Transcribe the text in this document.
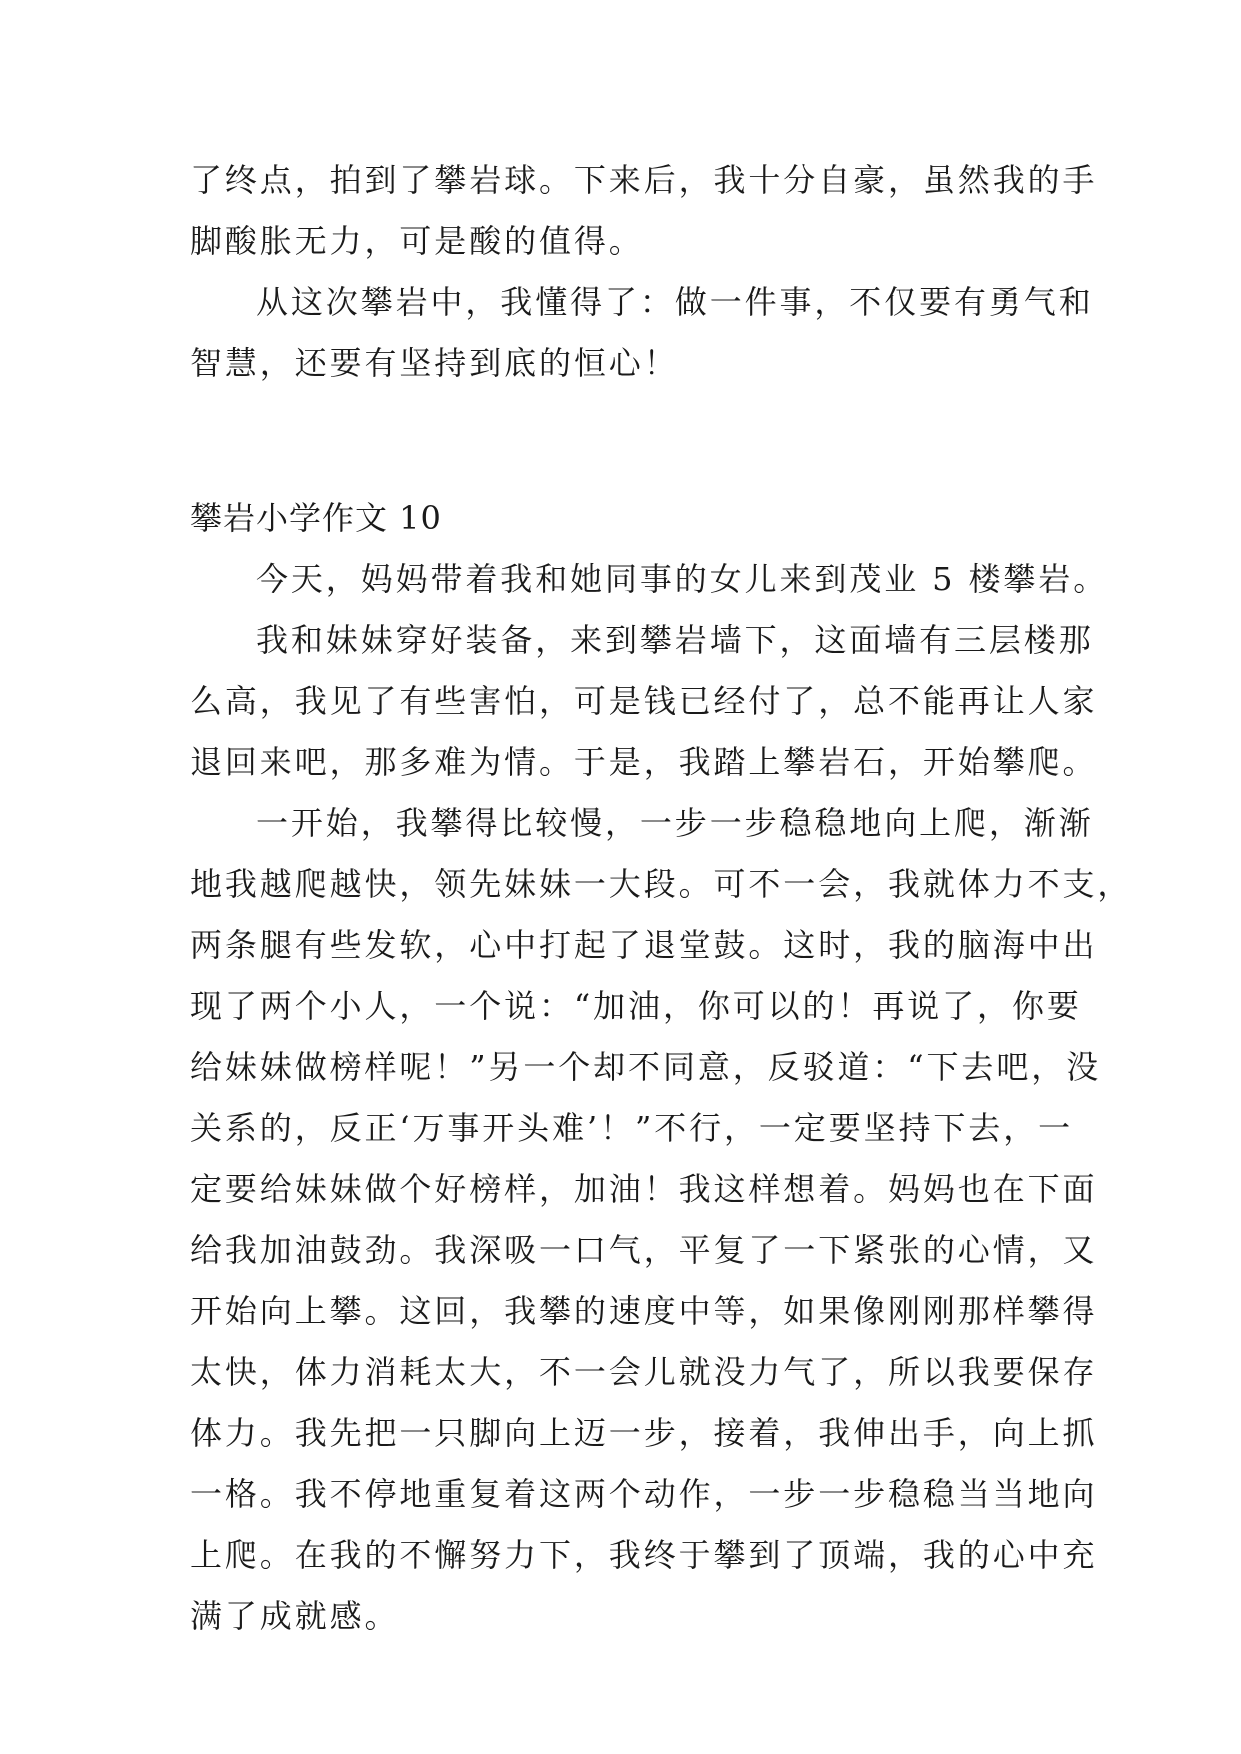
了终点，拍到了攀岩球。下来后，我十分自豪，虽然我的手
脚酸胀无力，可是酸的值得。
从这次攀岩中，我懂得了：做一件事，不仅要有勇气和
智慧，还要有坚持到底的恒心！
攀岩小学作文 10
今天，妈妈带着我和她同事的女儿来到茂业 5 楼攀岩。
我和妹妹穿好装备，来到攀岩墙下，这面墙有三层楼那
么高，我见了有些害怕，可是钱已经付了，总不能再让人家
退回来吧，那多难为情。于是，我踏上攀岩石，开始攀爬。
一开始，我攀得比较慢，一步一步稳稳地向上爬，渐渐
地我越爬越快，领先妹妹一大段。可不一会，我就体力不支，
两条腿有些发软，心中打起了退堂鼓。这时，我的脑海中出
现了两个小人，一个说：“加油，你可以的！再说了，你要
给妹妹做榜样呢！”另一个却不同意，反驳道：“下去吧，没
关系的，反正‘万事开头难’！”不行，一定要坚持下去，一
定要给妹妹做个好榜样，加油！我这样想着。妈妈也在下面
给我加油鼓劲。我深吸一口气，平复了一下紧张的心情，又
开始向上攀。这回，我攀的速度中等，如果像刚刚那样攀得
太快，体力消耗太大，不一会儿就没力气了，所以我要保存
体力。我先把一只脚向上迈一步，接着，我伸出手，向上抓
一格。我不停地重复着这两个动作，一步一步稳稳当当地向
上爬。在我的不懈努力下，我终于攀到了顶端，我的心中充
满了成就感。
